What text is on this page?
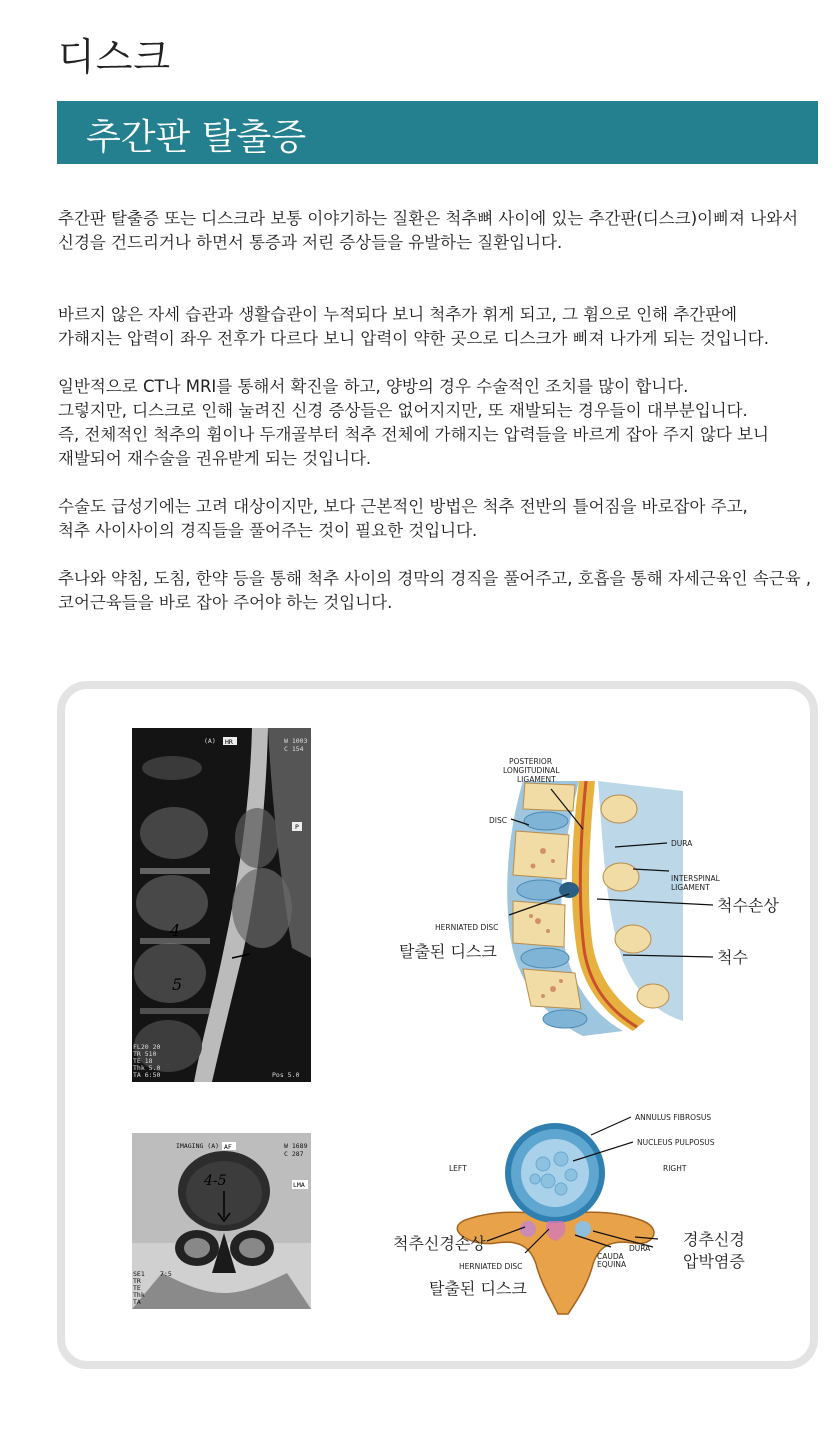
디스크
추간판 탈출증

추간판 탈출증 또는 디스크라 보통 이야기하는 질환은 척추뼈 사이에 있는 추간판(디스크)이삐져 나와서
신경을 건드리거나 하면서 통증과 저린 증상들을 유발하는 질환입니다.

바르지 않은 자세 습관과 생활습관이 누적되다 보니 척추가 휘게 되고, 그 휨으로 인해 추간판에
가해지는 압력이 좌우 전후가 다르다 보니 압력이 약한 곳으로 디스크가 삐져 나가게 되는 것입니다.

일반적으로 CT나 MRI를 통해서 확진을 하고, 양방의 경우 수술적인 조치를 많이 합니다.
그렇지만, 디스크로 인해 눌려진 신경 증상들은 없어지지만, 또 재발되는 경우들이 대부분입니다.
즉, 전체적인 척추의 휨이나 두개골부터 척추 전체에 가해지는 압력들을 바르게 잡아 주지 않다 보니
재발되어 재수술을 권유받게 되는 것입니다.

수술도 급성기에는 고려 대상이지만, 보다 근본적인 방법은 척추 전반의 틀어짐을 바로잡아 주고,
척추 사이사이의 경직들을 풀어주는 것이 필요한 것입니다.

추나와 약침, 도침, 한약 등을 통해 척추 사이의 경막의 경직을 풀어주고, 호흡을 통해 자세근육인 속근육 ,
코어근육들을 바로 잡아 주어야 하는 것입니다.

(A) HR	W 1003
C 154
P
4
5
FL20 20
TR 510
TE 18
Thk 5.0
TA 6:50	Pos 5.0
4-5
IMAGING (A) AF	W 1689
C 287
LMA
SE1
TR
TE
Thk
TA
7:5
POSTERIOR
LONGITUDINAL
LIGAMENT
DISC
DURA
INTERSPINAL
LIGAMENT
HERNIATED DISC
탈출된 디스크
척수손상
척수
ANNULUS FIBROSUS
NUCLEUS PULPOSUS
LEFT	RIGHT
DURA
CAUDA
EQUINA
HERNIATED DISC
척추신경손상	경추신경
압박염증
탈출된 디스크
